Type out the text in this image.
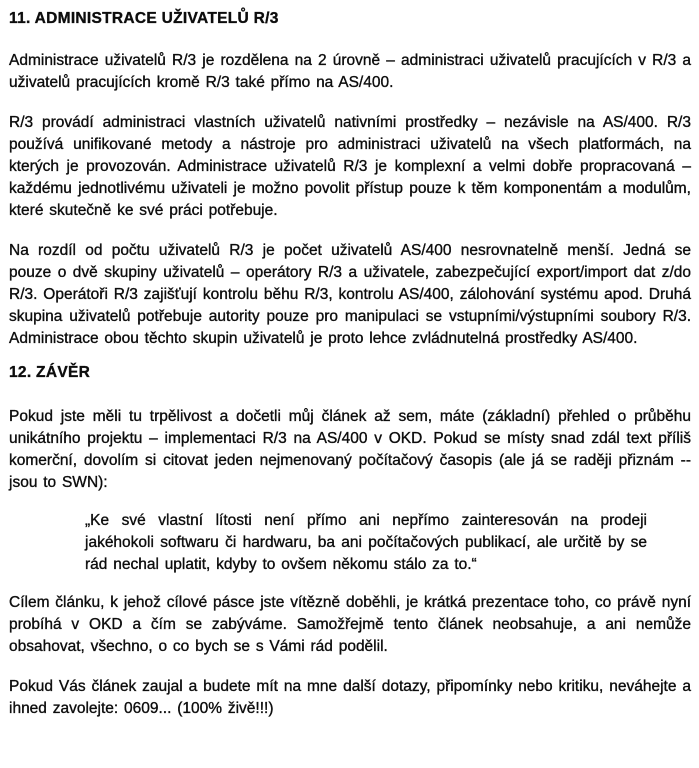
11. ADMINISTRACE UŽIVATELŮ R/3

Administrace uživatelů R/3 je rozdělena na 2 úrovně – administraci uživatelů pracujících v R/3 a uživatelů pracujících kromě R/3 také přímo na AS/400.

R/3 provádí administraci vlastních uživatelů nativními prostředky – nezávisle na AS/400. R/3 používá unifikované metody a nástroje pro administraci uživatelů na všech platformách, na kterých je provozován. Administrace uživatelů R/3 je komplexní a velmi dobře propracovaná – každému jednotlivému uživateli je možno povolit přístup pouze k těm komponentám a modulům, které skutečně ke své práci potřebuje.

Na rozdíl od počtu uživatelů R/3 je počet uživatelů AS/400 nesrovnatelně menší. Jedná se pouze o dvě skupiny uživatelů – operátory R/3 a uživatele, zabezpečující export/import dat z/do R/3. Operátoři R/3 zajišťují kontrolu běhu R/3, kontrolu AS/400, zálohování systému apod. Druhá skupina uživatelů potřebuje autority pouze pro manipulaci se vstupními/výstupními soubory R/3. Administrace obou těchto skupin uživatelů je proto lehce zvládnutelná prostředky AS/400.

12. ZÁVĚR

Pokud jste měli tu trpělivost a dočetli můj článek až sem, máte (základní) přehled o průběhu unikátního projektu – implementaci R/3 na AS/400 v OKD. Pokud se místy snad zdál text příliš komerční, dovolím si citovat jeden nejmenovaný počítačový časopis (ale já se raději přiznám -- jsou to SWN):

„Ke své vlastní lítosti není přímo ani nepřímo zainteresován na prodeji jakéhokoli softwaru či hardwaru, ba ani počítačových publikací, ale určitě by se rád nechal uplatit, kdyby to ovšem někomu stálo za to.“

Cílem článku, k jehož cílové pásce jste vítězně doběhli, je krátká prezentace toho, co právě nyní probíhá v OKD a čím se zabýváme. Samožřejmě tento článek neobsahuje, a ani nemůže obsahovat, všechno, o co bych se s Vámi rád podělil.

Pokud Vás článek zaujal a budete mít na mne další dotazy, připomínky nebo kritiku, neváhejte a ihned zavolejte: 0609... (100% živě!!!)
